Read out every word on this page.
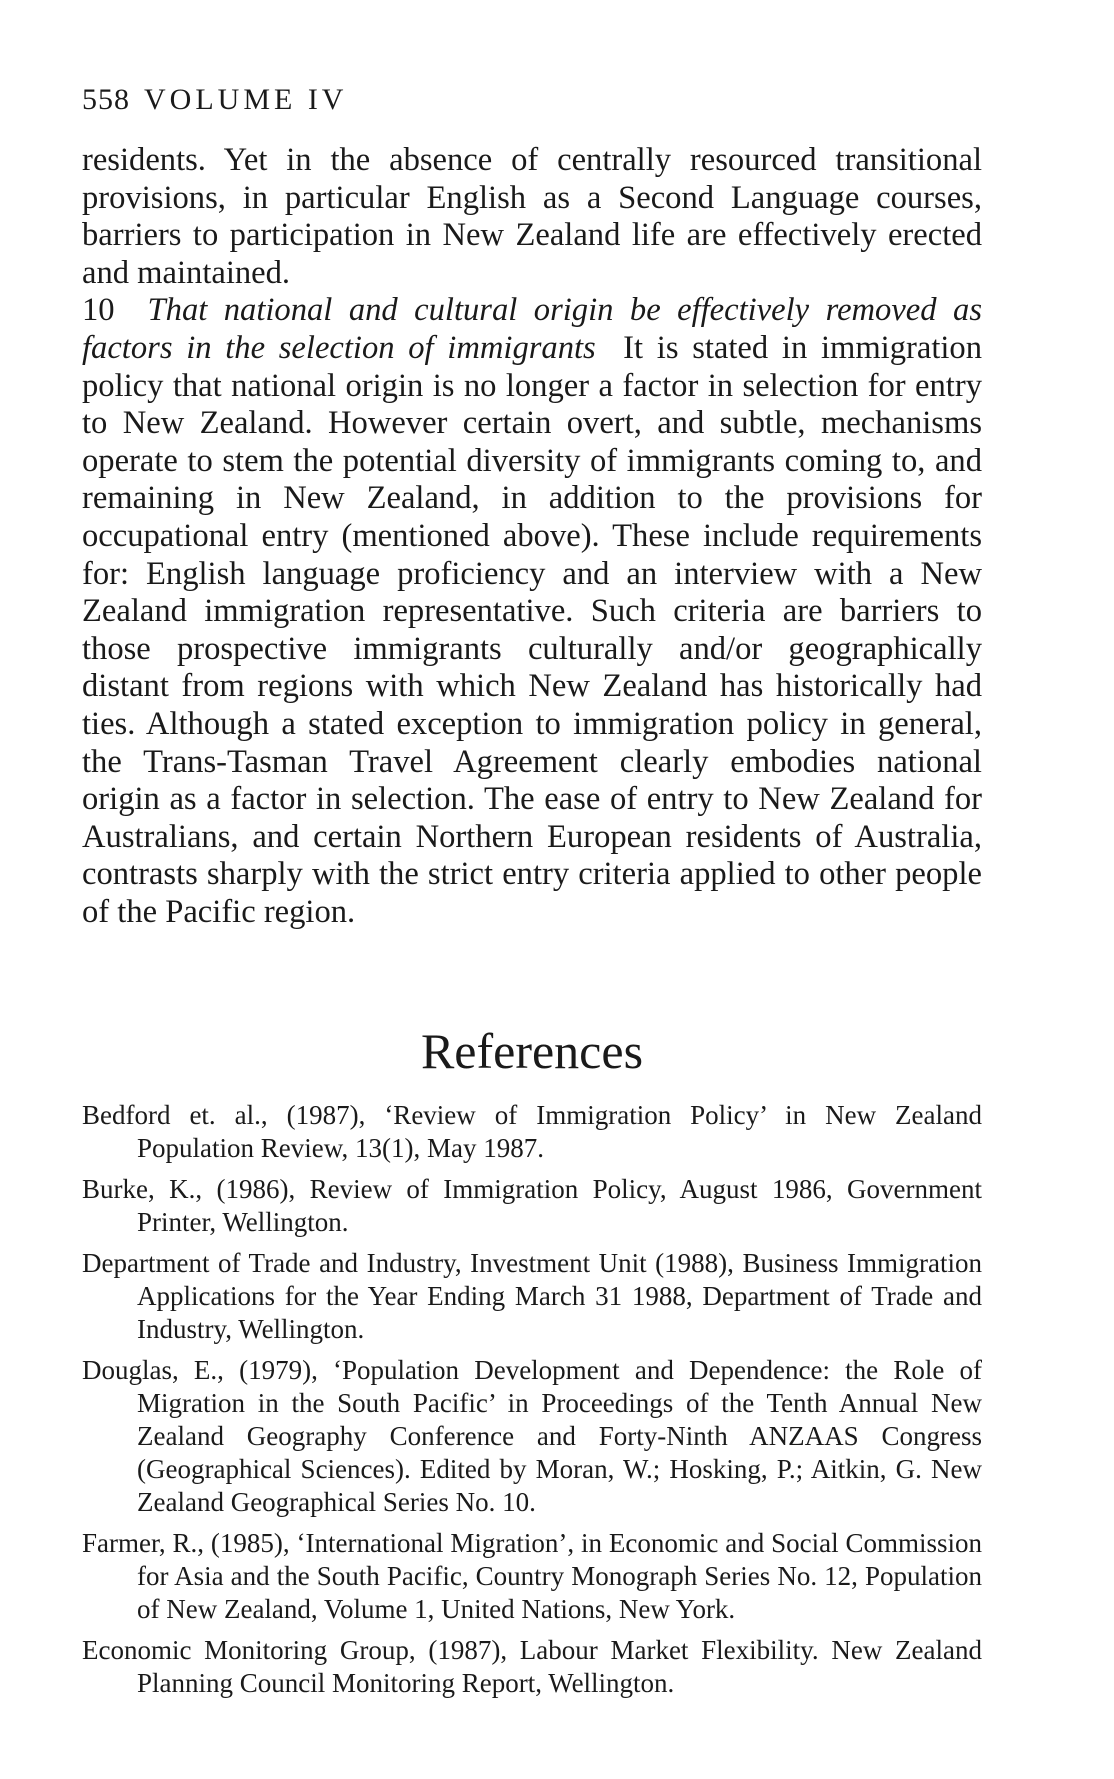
558 VOLUME IV

residents. Yet in the absence of centrally resourced transitional provisions, in particular English as a Second Language courses, barriers to participation in New Zealand life are effectively erected and maintained.

10 That national and cultural origin be effectively removed as factors in the selection of immigrants It is stated in immigration policy that national origin is no longer a factor in selection for entry to New Zealand. However certain overt, and subtle, mechanisms operate to stem the potential diversity of immigrants coming to, and remaining in New Zealand, in addition to the provisions for occupational entry (mentioned above). These include requirements for: English language proficiency and an interview with a New Zealand immigration representative. Such criteria are barriers to those prospective immigrants culturally and/or geographically distant from regions with which New Zealand has historically had ties. Although a stated exception to immigration policy in general, the Trans-Tasman Travel Agreement clearly embodies national origin as a factor in selection. The ease of entry to New Zealand for Australians, and certain Northern European residents of Australia, contrasts sharply with the strict entry criteria applied to other people of the Pacific region.

References
Bedford et. al., (1987), ‘Review of Immigration Policy’ in New Zealand Population Review, 13(1), May 1987.
Burke, K., (1986), Review of Immigration Policy, August 1986, Government Printer, Wellington.
Department of Trade and Industry, Investment Unit (1988), Business Immigration Applications for the Year Ending March 31 1988, Department of Trade and Industry, Wellington.
Douglas, E., (1979), ‘Population Development and Dependence: the Role of Migration in the South Pacific’ in Proceedings of the Tenth Annual New Zealand Geography Conference and Forty-Ninth ANZAAS Congress (Geographical Sciences). Edited by Moran, W.; Hosking, P.; Aitkin, G. New Zealand Geographical Series No. 10.
Farmer, R., (1985), ‘International Migration’, in Economic and Social Commission for Asia and the South Pacific, Country Monograph Series No. 12, Population of New Zealand, Volume 1, United Nations, New York.
Economic Monitoring Group, (1987), Labour Market Flexibility. New Zealand Planning Council Monitoring Report, Wellington.
